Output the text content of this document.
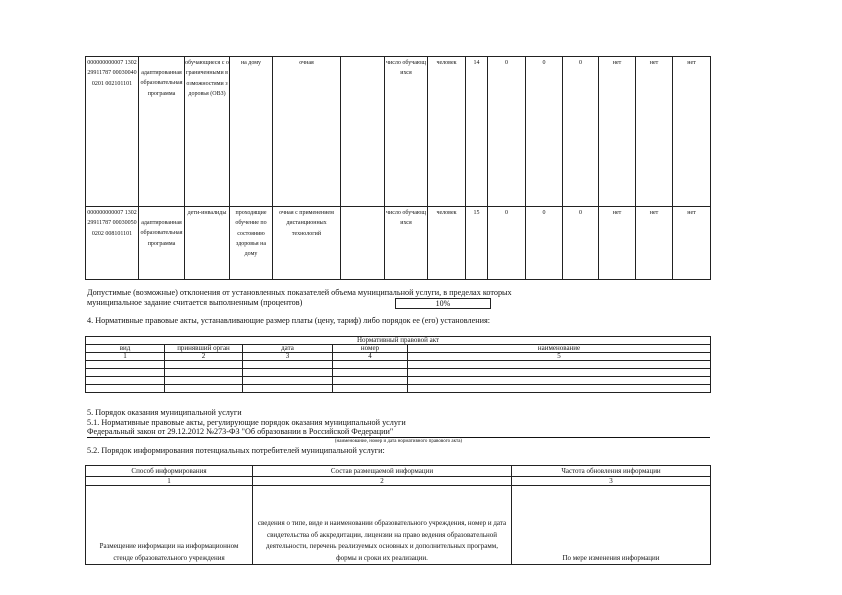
000000000007 130229911787 000300400201 002101101	адаптированная образовательная программа	обучающиеся с ограниченными возможностями здоровья (ОВЗ)	на дому	очная		число обучающихся	человек	14	0	0	0	нет	нет	нет
000000000007 130229911787 000300500202 008101101	адаптированная образовательная программа	дети-инвалиды	проходящие обучение по состоянию здоровья на дому	очная с применением дистанционных технологий		число обучающихся	человек	15	0	0	0	нет	нет	нет
Допустимые (возможные) отклонения от установленных показателей объема муниципальной услуги, в пределах которых
муниципальное задание считается выполненным (процентов)	10%
4. Нормативные правовые акты, устанавливающие размер платы (цену, тариф) либо порядок ее (его) установления:
Нормативный правовой акт				
вид	принявший орган	дата	номер	наименование
1	2	3	4	5

5. Порядок оказания муниципальной услуги
5.1. Нормативные правовые акты, регулирующие порядок оказания муниципальной услуги
Федеральный закон от 29.12.2012 №273-ФЗ "Об образовании в Российской Федерации"
(наименование, номер и дата нормативного правового акта)
5.2. Порядок информирования потенциальных потребителей муниципальной услуги:
Способ информирования	Состав размещаемой информации	Частота обновления информации
1	2	3
Размещение информации на информационном стенде образовательного учреждения	сведения о типе, виде и наименовании образовательного учреждения, номер и дата свидетельства об аккредитации, лицензии на право ведения образовательной деятельности, перечень реализуемых основных и дополнительных программ, формы и сроки их реализации.	По мере изменения информации
